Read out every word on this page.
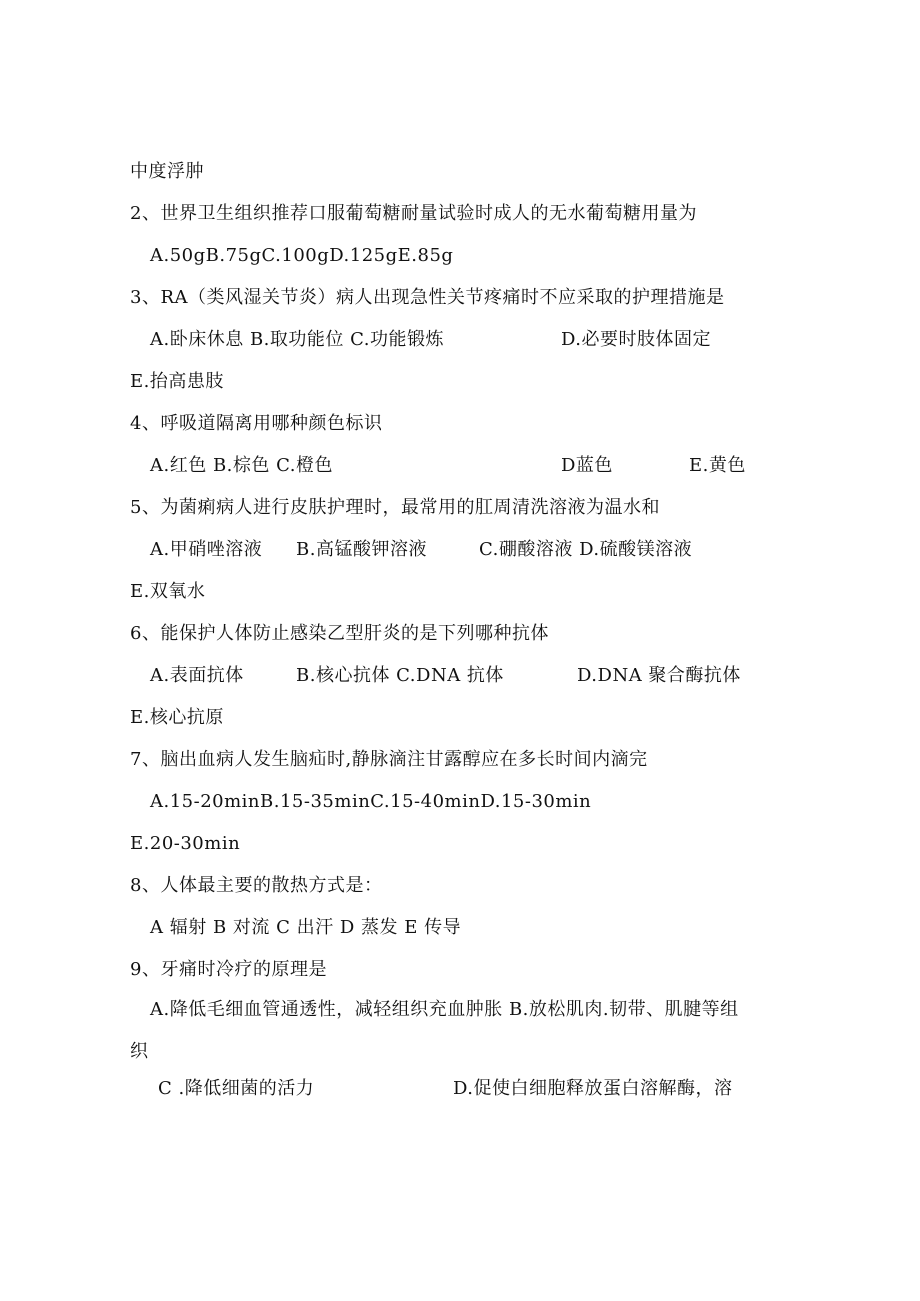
中度浮肿
2、世界卫生组织推荐口服葡萄糖耐量试验时成人的无水葡萄糖用量为
A.50gB.75gC.100gD.125gE.85g
3、RA（类风湿关节炎）病人出现急性关节疼痛时不应采取的护理措施是
A.卧床休息 B.取功能位 C.功能锻炼	D.必要时肢体固定
E.抬高患肢
4、呼吸道隔离用哪种颜色标识
A.红色 B.棕色 C.橙色	D蓝色	E.黄色
5、为菌痢病人进行皮肤护理时，最常用的肛周清洗溶液为温水和
A.甲硝唑溶液 B.高锰酸钾溶液	C.硼酸溶液 D.硫酸镁溶液
E.双氧水
6、能保护人体防止感染乙型肝炎的是下列哪种抗体
A.表面抗体	B.核心抗体 C.DNA 抗体	D.DNA 聚合酶抗体
E.核心抗原
7、脑出血病人发生脑疝时,静脉滴注甘露醇应在多长时间内滴完
A.15-20minB.15-35minC.15-40minD.15-30min
E.20-30min
8、人体最主要的散热方式是：
A 辐射 B 对流 C 出汗 D 蒸发 E 传导
9、牙痛时冷疗的原理是
A.降低毛细血管通透性，减轻组织充血肿胀 B.放松肌肉.韧带、肌腱等组
织
C .降低细菌的活力	D.促使白细胞释放蛋白溶解酶，溶
